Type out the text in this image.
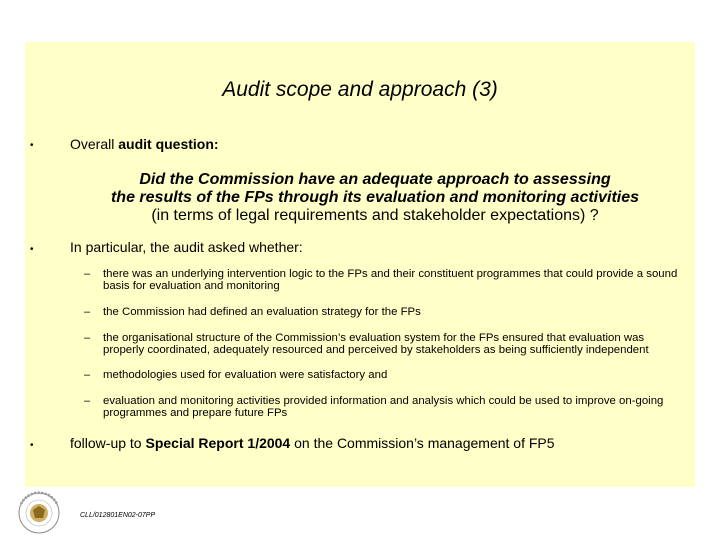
Audit scope and approach (3)
•	Overall audit question:
Did the Commission have an adequate approach to assessing
the results of the FPs through its evaluation and monitoring activities
(in terms of legal requirements and stakeholder expectations) ?
•	In particular, the audit asked whether:
– there was an underlying intervention logic to the FPs and their constituent programmes that could provide a sound basis for evaluation and monitoring
– the Commission had defined an evaluation strategy for the FPs
– the organisational structure of the Commission’s evaluation system for the FPs ensured that evaluation was properly coordinated, adequately resourced and perceived by stakeholders as being sufficiently independent
– methodologies used for evaluation were satisfactory and
– evaluation and monitoring activities provided information and analysis which could be used to improve on-going programmes and prepare future FPs
•	follow-up to Special Report 1/2004 on the Commission’s management of FP5
CLL/012801EN02-07PP
